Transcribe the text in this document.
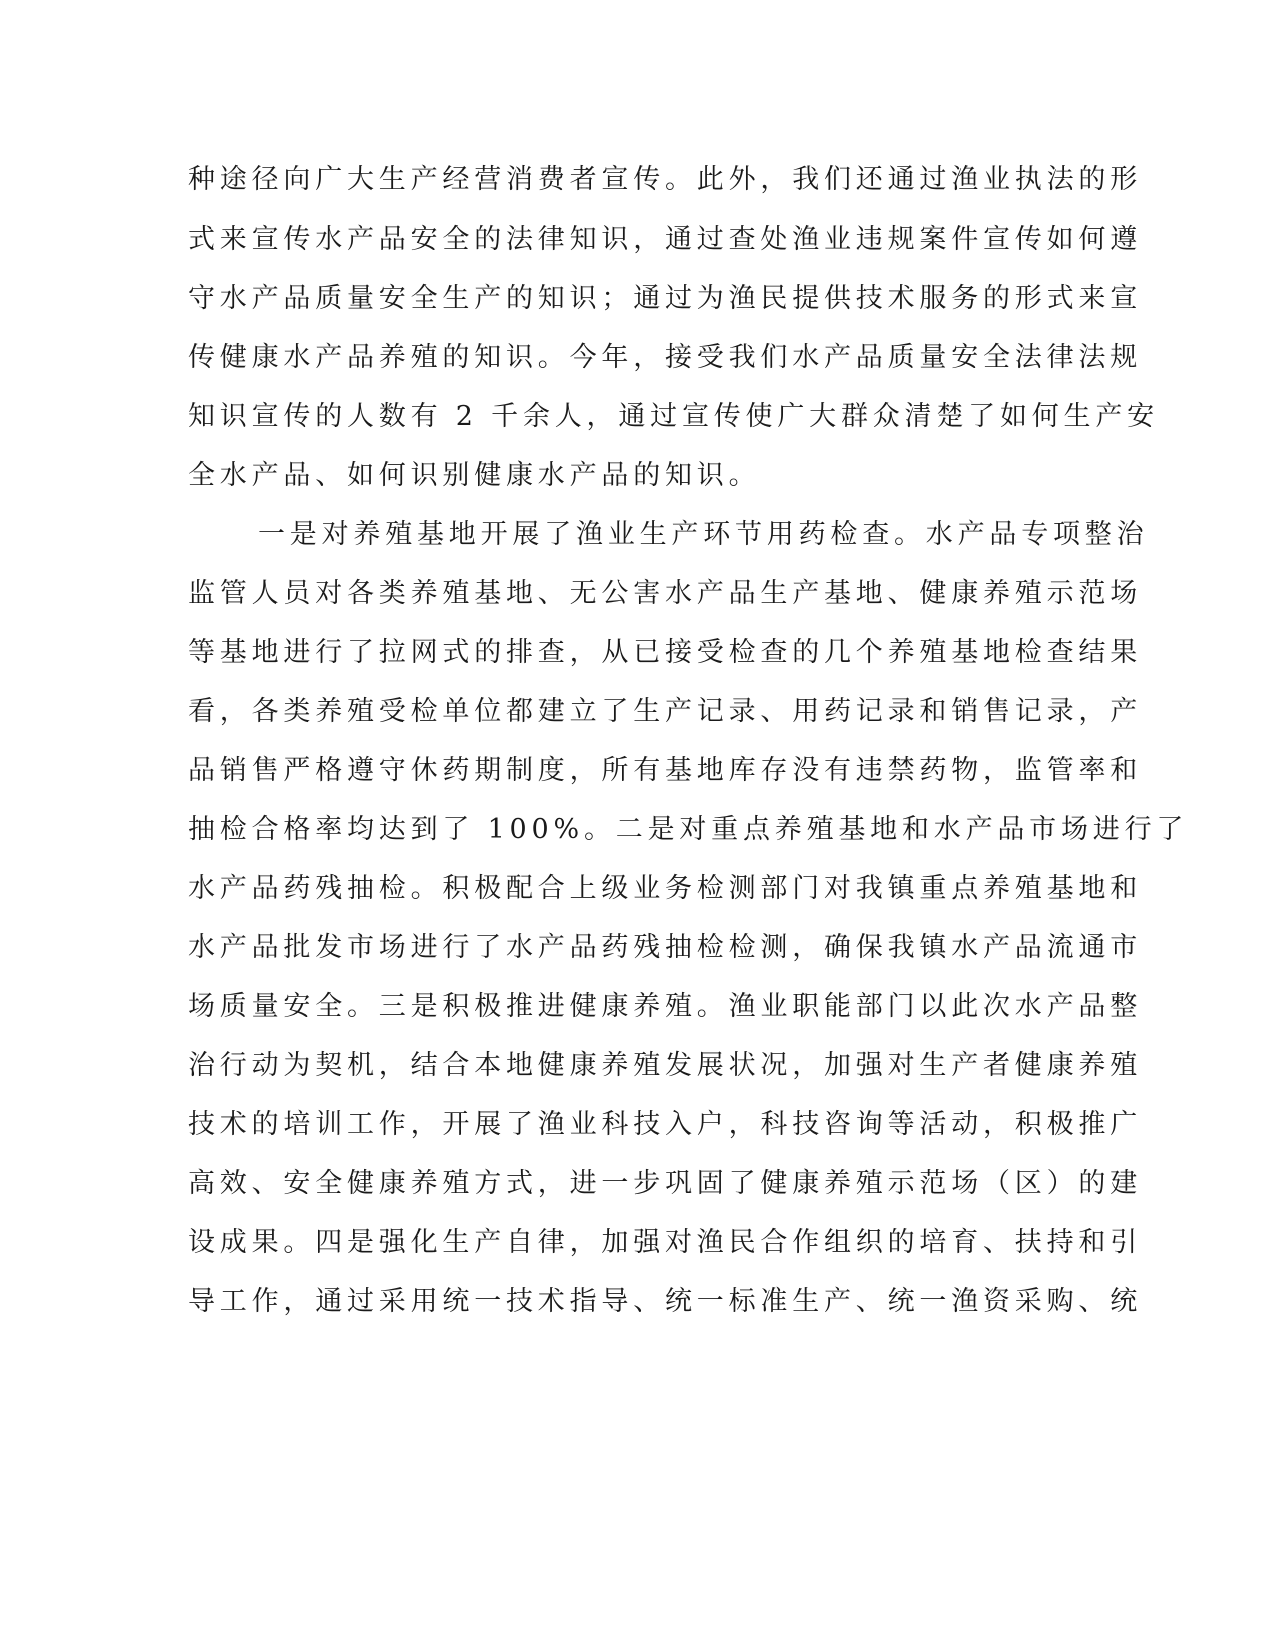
种途径向广大生产经营消费者宣传。此外，我们还通过渔业执法的形
式来宣传水产品安全的法律知识，通过查处渔业违规案件宣传如何遵
守水产品质量安全生产的知识；通过为渔民提供技术服务的形式来宣
传健康水产品养殖的知识。今年，接受我们水产品质量安全法律法规
知识宣传的人数有 2 千余人，通过宣传使广大群众清楚了如何生产安
全水产品、如何识别健康水产品的知识。
一是对养殖基地开展了渔业生产环节用药检查。水产品专项整治
监管人员对各类养殖基地、无公害水产品生产基地、健康养殖示范场
等基地进行了拉网式的排查，从已接受检查的几个养殖基地检查结果
看，各类养殖受检单位都建立了生产记录、用药记录和销售记录，产
品销售严格遵守休药期制度，所有基地库存没有违禁药物，监管率和
抽检合格率均达到了 100%。二是对重点养殖基地和水产品市场进行了
水产品药残抽检。积极配合上级业务检测部门对我镇重点养殖基地和
水产品批发市场进行了水产品药残抽检检测，确保我镇水产品流通市
场质量安全。三是积极推进健康养殖。渔业职能部门以此次水产品整
治行动为契机，结合本地健康养殖发展状况，加强对生产者健康养殖
技术的培训工作，开展了渔业科技入户，科技咨询等活动，积极推广
高效、安全健康养殖方式，进一步巩固了健康养殖示范场（区）的建
设成果。四是强化生产自律，加强对渔民合作组织的培育、扶持和引
导工作，通过采用统一技术指导、统一标准生产、统一渔资采购、统
